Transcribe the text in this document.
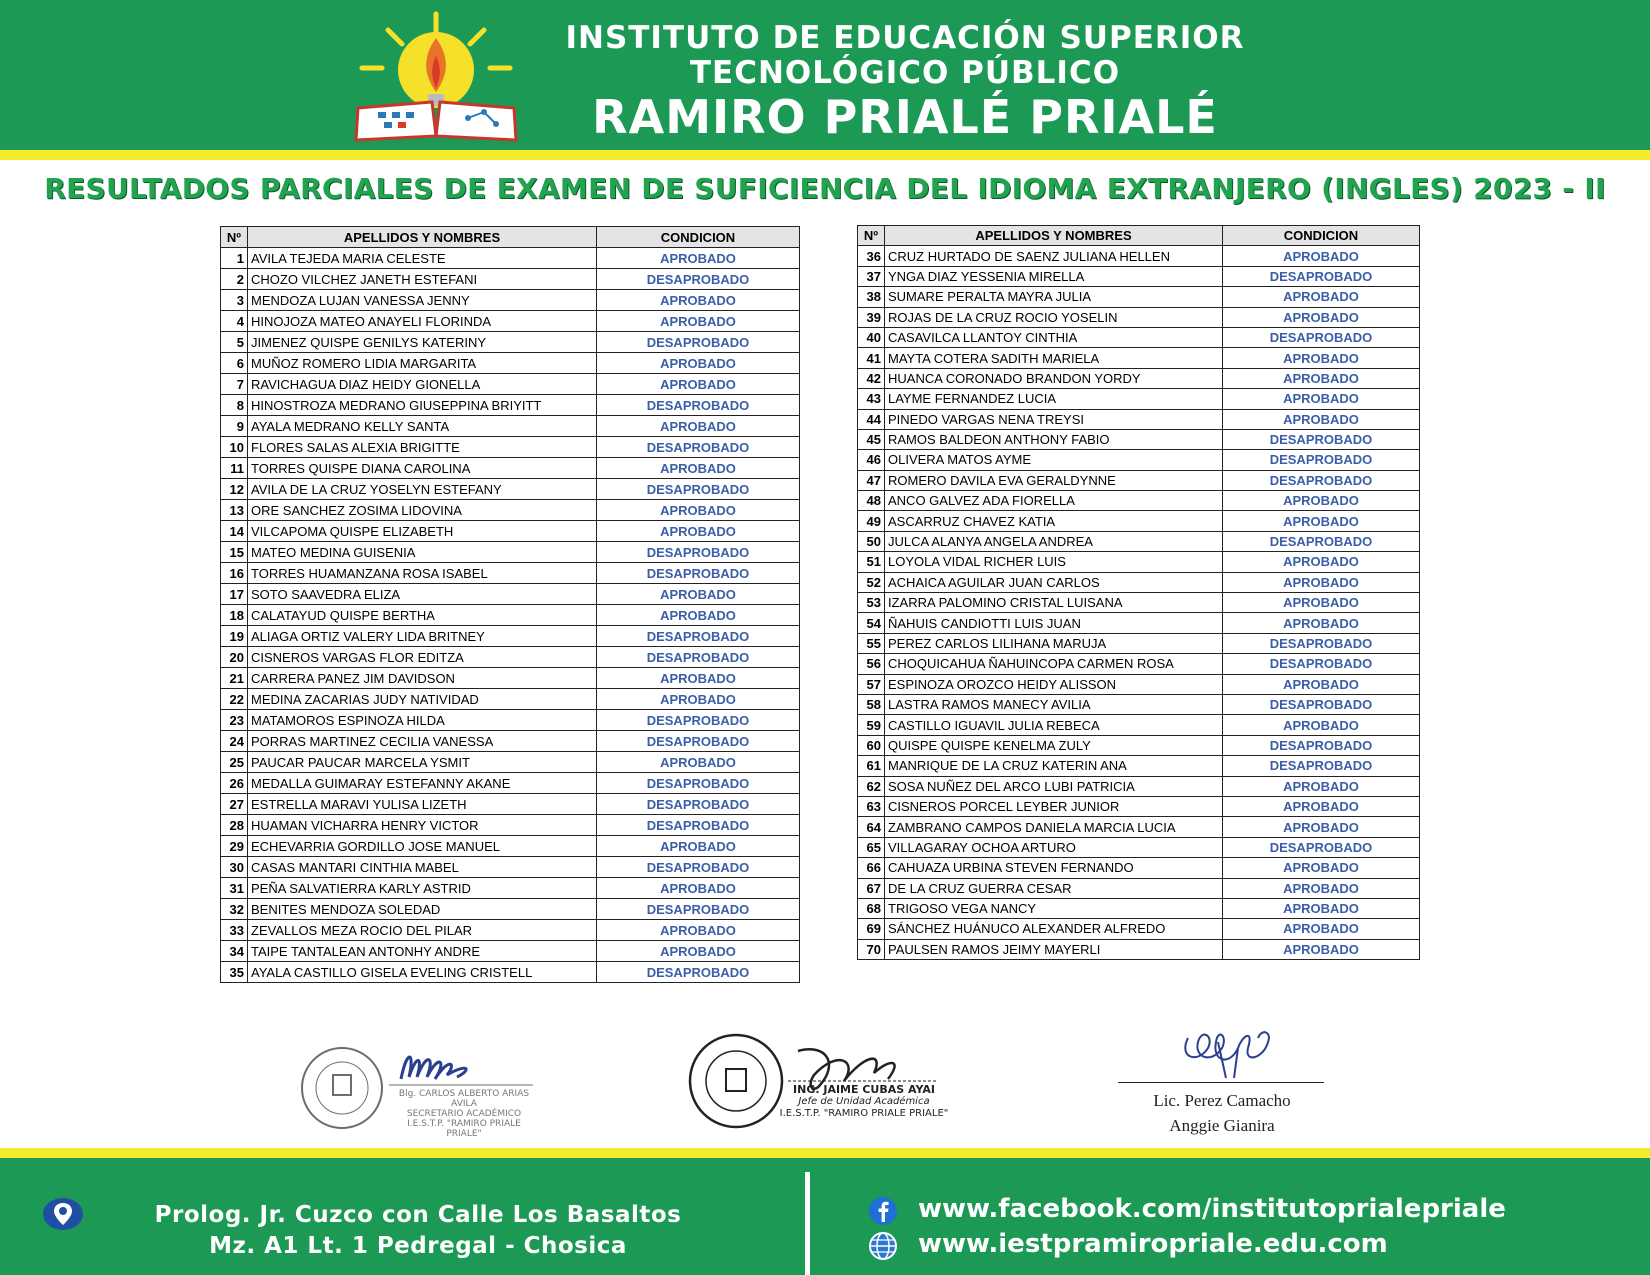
INSTITUTO DE EDUCACIÓN SUPERIOR
TECNOLÓGICO PÚBLICO
RAMIRO PRIALÉ PRIALÉ
RESULTADOS PARCIALES DE EXAMEN DE SUFICIENCIA DEL IDIOMA EXTRANJERO (INGLES) 2023 - II
Nº	APELLIDOS Y NOMBRES	CONDICION
1	AVILA TEJEDA MARIA CELESTE	APROBADO
2	CHOZO VILCHEZ JANETH ESTEFANI	DESAPROBADO
3	MENDOZA LUJAN VANESSA JENNY	APROBADO
4	HINOJOZA MATEO ANAYELI FLORINDA	APROBADO
5	JIMENEZ QUISPE GENILYS KATERINY	DESAPROBADO
6	MUÑOZ ROMERO LIDIA MARGARITA	APROBADO
7	RAVICHAGUA DIAZ HEIDY GIONELLA	APROBADO
8	HINOSTROZA MEDRANO GIUSEPPINA BRIYITT	DESAPROBADO
9	AYALA MEDRANO KELLY SANTA	APROBADO
10	FLORES SALAS ALEXIA BRIGITTE	DESAPROBADO
11	TORRES QUISPE DIANA CAROLINA	APROBADO
12	AVILA DE LA CRUZ YOSELYN ESTEFANY	DESAPROBADO
13	ORE SANCHEZ ZOSIMA LIDOVINA	APROBADO
14	VILCAPOMA QUISPE ELIZABETH	APROBADO
15	MATEO MEDINA GUISENIA	DESAPROBADO
16	TORRES HUAMANZANA ROSA ISABEL	DESAPROBADO
17	SOTO SAAVEDRA ELIZA	APROBADO
18	CALATAYUD QUISPE BERTHA	APROBADO
19	ALIAGA ORTIZ VALERY LIDA BRITNEY	DESAPROBADO
20	CISNEROS VARGAS FLOR EDITZA	DESAPROBADO
21	CARRERA PANEZ JIM DAVIDSON	APROBADO
22	MEDINA ZACARIAS JUDY NATIVIDAD	APROBADO
23	MATAMOROS ESPINOZA HILDA	DESAPROBADO
24	PORRAS MARTINEZ CECILIA VANESSA	DESAPROBADO
25	PAUCAR PAUCAR MARCELA YSMIT	APROBADO
26	MEDALLA GUIMARAY ESTEFANNY AKANE	DESAPROBADO
27	ESTRELLA MARAVI YULISA LIZETH	DESAPROBADO
28	HUAMAN VICHARRA HENRY VICTOR	DESAPROBADO
29	ECHEVARRIA GORDILLO JOSE MANUEL	APROBADO
30	CASAS MANTARI CINTHIA MABEL	DESAPROBADO
31	PEÑA SALVATIERRA KARLY ASTRID	APROBADO
32	BENITES MENDOZA SOLEDAD	DESAPROBADO
33	ZEVALLOS MEZA ROCIO DEL PILAR	APROBADO
34	TAIPE TANTALEAN ANTONHY ANDRE	APROBADO
35	AYALA CASTILLO GISELA EVELING CRISTELL	DESAPROBADO
Nº	APELLIDOS Y NOMBRES	CONDICION
36	CRUZ HURTADO DE SAENZ JULIANA HELLEN	APROBADO
37	YNGA DIAZ YESSENIA MIRELLA	DESAPROBADO
38	SUMARE PERALTA MAYRA JULIA	APROBADO
39	ROJAS DE LA CRUZ ROCIO YOSELIN	APROBADO
40	CASAVILCA LLANTOY CINTHIA	DESAPROBADO
41	MAYTA COTERA SADITH MARIELA	APROBADO
42	HUANCA CORONADO BRANDON YORDY	APROBADO
43	LAYME FERNANDEZ LUCIA	APROBADO
44	PINEDO VARGAS NENA TREYSI	APROBADO
45	RAMOS BALDEON ANTHONY FABIO	DESAPROBADO
46	OLIVERA MATOS AYME	DESAPROBADO
47	ROMERO DAVILA EVA GERALDYNNE	DESAPROBADO
48	ANCO GALVEZ ADA FIORELLA	APROBADO
49	ASCARRUZ CHAVEZ KATIA	APROBADO
50	JULCA ALANYA ANGELA ANDREA	DESAPROBADO
51	LOYOLA VIDAL RICHER LUIS	APROBADO
52	ACHAICA AGUILAR JUAN CARLOS	APROBADO
53	IZARRA PALOMINO CRISTAL LUISANA	APROBADO
54	ÑAHUIS CANDIOTTI LUIS JUAN	APROBADO
55	PEREZ CARLOS LILIHANA MARUJA	DESAPROBADO
56	CHOQUICAHUA ÑAHUINCOPA CARMEN ROSA	DESAPROBADO
57	ESPINOZA OROZCO HEIDY ALISSON	APROBADO
58	LASTRA RAMOS MANECY AVILIA	DESAPROBADO
59	CASTILLO IGUAVIL JULIA REBECA	APROBADO
60	QUISPE QUISPE KENELMA ZULY	DESAPROBADO
61	MANRIQUE DE LA CRUZ KATERIN ANA	DESAPROBADO
62	SOSA NUÑEZ DEL ARCO LUBI PATRICIA	APROBADO
63	CISNEROS PORCEL LEYBER JUNIOR	APROBADO
64	ZAMBRANO CAMPOS DANIELA MARCIA LUCIA	APROBADO
65	VILLAGARAY OCHOA ARTURO	DESAPROBADO
66	CAHUAZA URBINA STEVEN FERNANDO	APROBADO
67	DE LA CRUZ GUERRA CESAR	APROBADO
68	TRIGOSO VEGA NANCY	APROBADO
69	SÁNCHEZ HUÁNUCO ALEXANDER ALFREDO	APROBADO
70	PAULSEN RAMOS JEIMY MAYERLI	APROBADO
Blg. CARLOS ALBERTO ARIAS AVILA
SECRETARIO ACADÉMICO
I.E.S.T.P. "RAMIRO PRIALE PRIALE"
ING. JAIME CUBAS AYAI
Jefe de Unidad Académica
I.E.S.T.P. "RAMIRO PRIALE PRIALE"
Lic. Perez Camacho
Anggie Gianira
Prolog. Jr. Cuzco con Calle Los Basaltos
Mz. A1 Lt. 1 Pedregal - Chosica
www.facebook.com/institutopriale​priale
www.iestpramiropriale.edu.com
